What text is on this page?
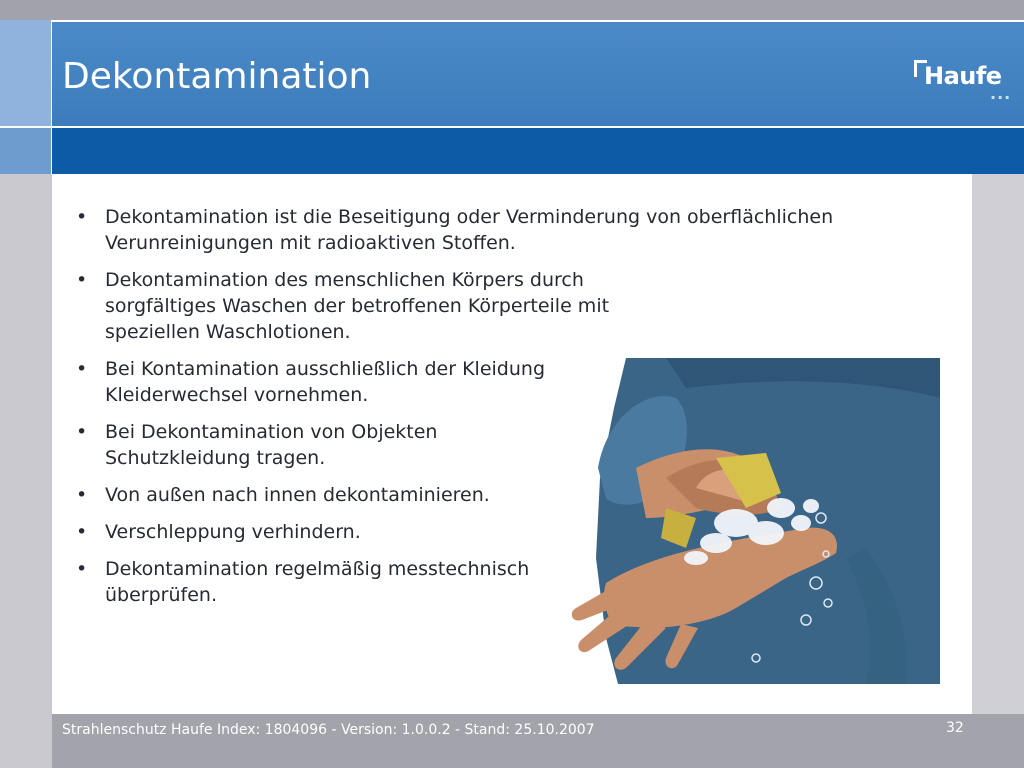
Dekontamination	Haufe
...
• Dekontamination ist die Beseitigung oder Verminderung von oberflächlichen Verunreinigungen mit radioaktiven Stoffen.
• Dekontamination des menschlichen Körpers durch sorgfältiges Waschen der betroffenen Körperteile mit speziellen Waschlotionen.
• Bei Kontamination ausschließlich der Kleidung Kleiderwechsel vornehmen.
• Bei Dekontamination von Objekten Schutzkleidung tragen.
• Von außen nach innen dekontaminieren.
• Verschleppung verhindern.
• Dekontamination regelmäßig messtechnisch überprüfen.
Strahlenschutz Haufe Index: 1804096 - Version: 1.0.0.2 - Stand: 25.10.2007	32
